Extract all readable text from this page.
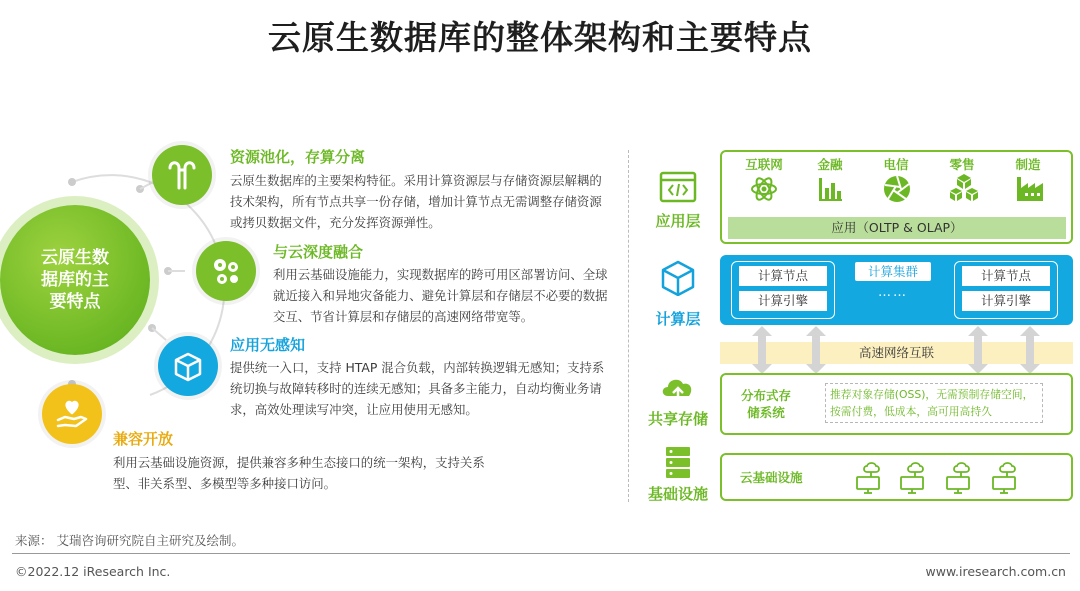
云原生数据库的整体架构和主要特点
云原生数据库的主要特点
资源池化，存算分离
云原生数据库的主要架构特征。采用计算资源层与存储资源层解耦的技术架构，所有节点共享一份存储，增加计算节点无需调整存储资源或拷贝数据文件，充分发挥资源弹性。
与云深度融合
利用云基础设施能力，实现数据库的跨可用区部署访问、全球就近接入和异地灾备能力、避免计算层和存储层不必要的数据交互、节省计算层和存储层的高速网络带宽等。
应用无感知
提供统一入口，支持 HTAP 混合负载，内部转换逻辑无感知；支持系统切换与故障转移时的连续无感知；具备多主能力，自动均衡业务请求，高效处理读写冲突，让应用使用无感知。
兼容开放
利用云基础设施资源，提供兼容多种生态接口的统一架构，支持关系型、非关系型、多模型等多种接口访问。
应用层
计算层
共享存储
基础设施
互联网	金融	电信	零售	制造
应用（OLTP & OLAP）
计算节点
计算引擎
计算集群
……
计算节点
计算引擎
高速网络互联
分布式存储系统
推荐对象存储(OSS)，无需预制存储空间，按需付费，低成本，高可用高持久
云基础设施
来源： 艾瑞咨询研究院自主研究及绘制。
©2022.12 iResearch Inc.	www.iresearch.com.cn
